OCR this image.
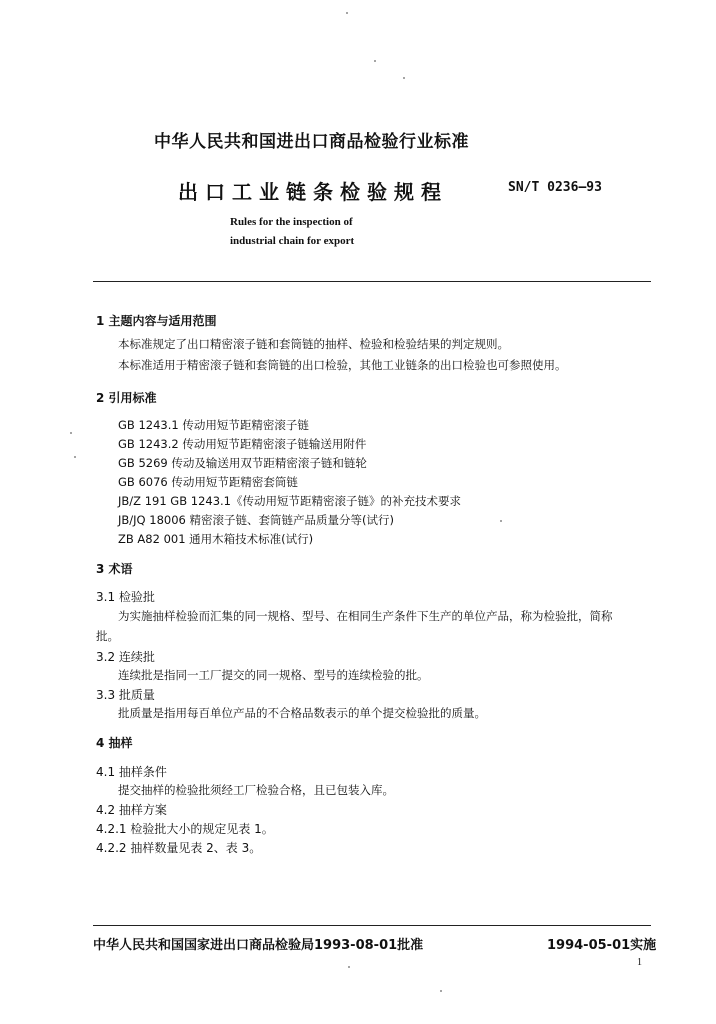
中华人民共和国进出口商品检验行业标准
出口工业链条检验规程	SN/T 0236—93
Rules for the inspection of
industrial chain for export
1 主题内容与适用范围
本标准规定了出口精密滚子链和套筒链的抽样、检验和检验结果的判定规则。
本标准适用于精密滚子链和套筒链的出口检验，其他工业链条的出口检验也可参照使用。
2 引用标准
GB 1243.1 传动用短节距精密滚子链
GB 1243.2 传动用短节距精密滚子链输送用附件
GB 5269 传动及输送用双节距精密滚子链和链轮
GB 6076 传动用短节距精密套筒链
JB/Z 191 GB 1243.1《传动用短节距精密滚子链》的补充技术要求
JB/JQ 18006 精密滚子链、套筒链产品质量分等(试行)
ZB A82 001 通用木箱技术标准(试行)
3 术语
3.1 检验批
为实施抽样检验而汇集的同一规格、型号、在相同生产条件下生产的单位产品，称为检验批，简称
批。
3.2 连续批
连续批是指同一工厂提交的同一规格、型号的连续检验的批。
3.3 批质量
批质量是指用每百单位产品的不合格品数表示的单个提交检验批的质量。
4 抽样
4.1 抽样条件
提交抽样的检验批须经工厂检验合格，且已包装入库。
4.2 抽样方案
4.2.1 检验批大小的规定见表 1。
4.2.2 抽样数量见表 2、表 3。
中华人民共和国国家进出口商品检验局1993-08-01批准	1994-05-01实施
1
